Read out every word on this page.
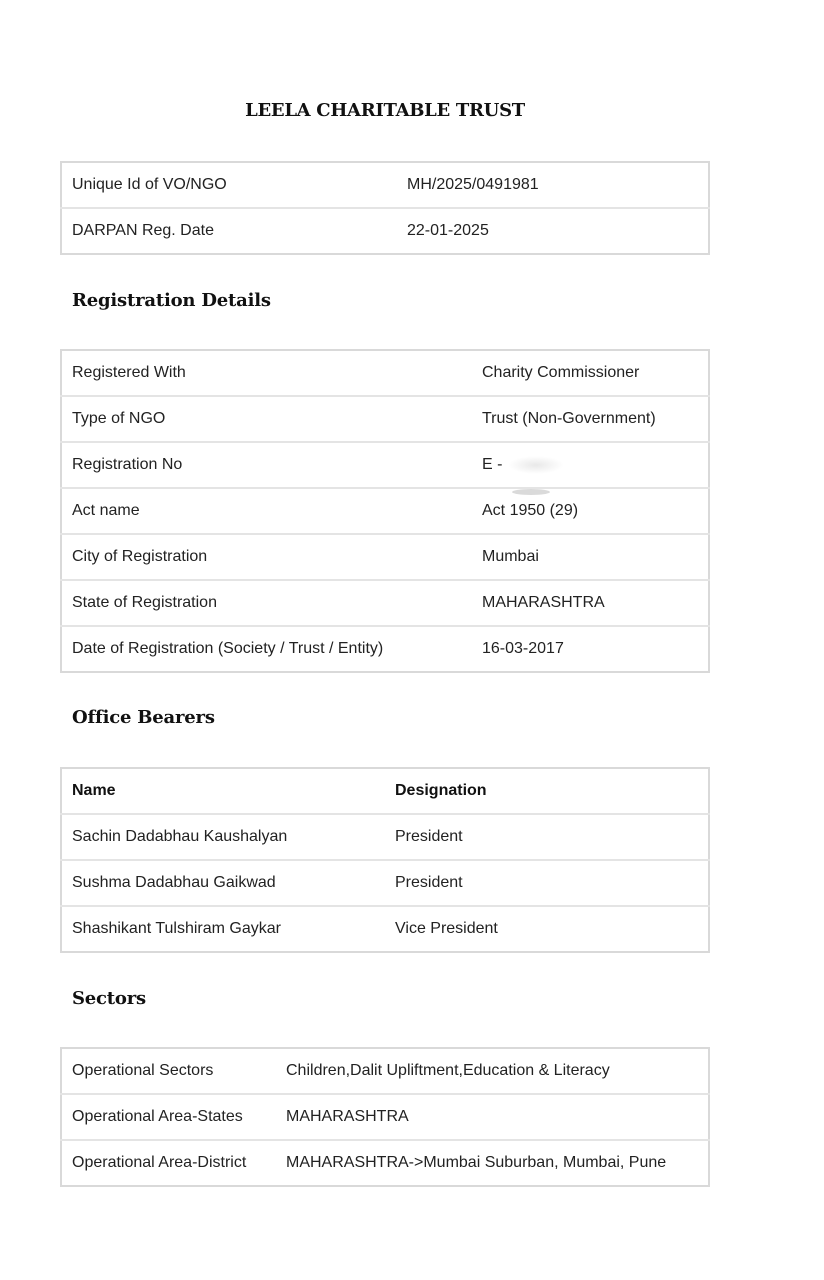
LEELA CHARITABLE TRUST
Unique Id of VO/NGO	MH/2025/0491981
DARPAN Reg. Date	22-01-2025
Registration Details
Registered With	Charity Commissioner
Type of NGO	Trust (Non-Government)
Registration No	E -
Act name	Act 1950 (29)
City of Registration	Mumbai
State of Registration	MAHARASHTRA
Date of Registration (Society / Trust / Entity)	16-03-2017
Office Bearers
Name	Designation
Sachin Dadabhau Kaushalyan	President
Sushma Dadabhau Gaikwad	President
Shashikant Tulshiram Gaykar	Vice President
Sectors
Operational Sectors	Children,Dalit Upliftment,Education & Literacy
Operational Area-States	MAHARASHTRA
Operational Area-District	MAHARASHTRA->Mumbai Suburban, Mumbai, Pune
